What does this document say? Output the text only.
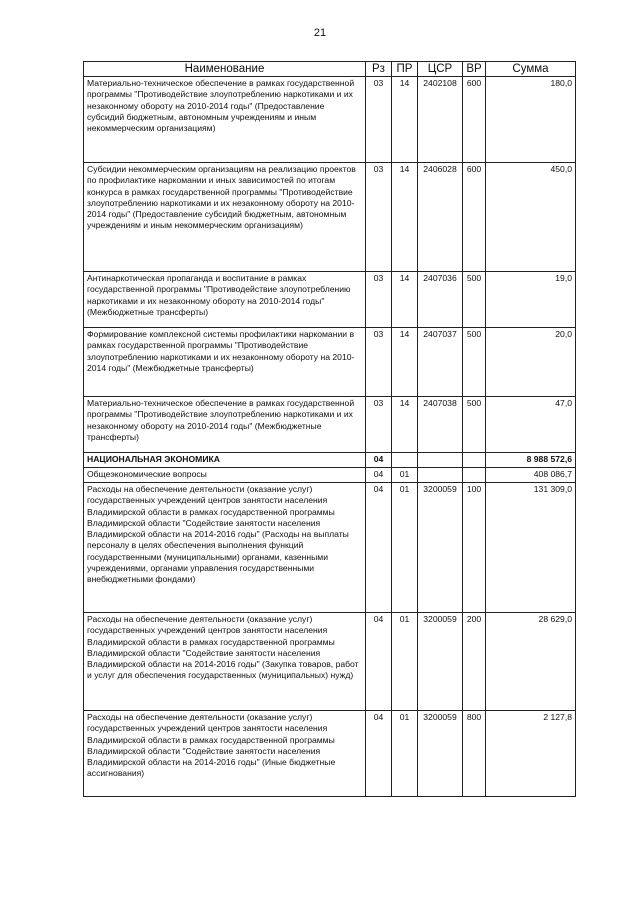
21
Наименование	Рз	ПР	ЦСР	ВР	Сумма
Материально-техническое обеспечение в рамках государственной программы "Противодействие злоупотреблению наркотиками и их незаконному обороту на 2010-2014 годы" (Предоставление субсидий бюджетным, автономным учреждениям и иным некоммерческим организациям)	03	14	2402108	600	180,0
Субсидии некоммерческим организациям на реализацию проектов по профилактике наркомании и иных зависимостей по итогам конкурса в рамках государственной программы "Противодействие злоупотреблению наркотиками и их незаконному обороту на 2010-2014 годы" (Предоставление субсидий бюджетным, автономным учреждениям и иным некоммерческим организациям)	03	14	2406028	600	450,0
Антинаркотическая пропаганда и воспитание в рамках государственной программы "Противодействие злоупотреблению наркотиками и их незаконному обороту на 2010-2014 годы" (Межбюджетные трансферты)	03	14	2407036	500	19,0
Формирование комплексной системы профилактики наркомании в рамках государственной программы "Противодействие злоупотреблению наркотиками и их незаконному обороту на 2010-2014 годы" (Межбюджетные трансферты)	03	14	2407037	500	20,0
Материально-техническое обеспечение в рамках государственной программы "Противодействие злоупотреблению наркотиками и их незаконному обороту на 2010-2014 годы" (Межбюджетные трансферты)	03	14	2407038	500	47,0
НАЦИОНАЛЬНАЯ ЭКОНОМИКА	04				8 988 572,6
Общеэкономические вопросы	04	01			408 086,7
Расходы на обеспечение деятельности (оказание услуг) государственных учреждений центров занятости населения Владимирской области в рамках государственной программы Владимирской области "Содействие занятости населения Владимирской области на 2014-2016 годы" (Расходы на выплаты персоналу в целях обеспечения выполнения функций государственными (муниципальными) органами, казенными учреждениями, органами управления государственными внебюджетными фондами)	04	01	3200059	100	131 309,0
Расходы на обеспечение деятельности (оказание услуг) государственных учреждений центров занятости населения Владимирской области в рамках государственной программы Владимирской области "Содействие занятости населения Владимирской области на 2014-2016 годы" (Закупка товаров, работ и услуг для обеспечения государственных (муниципальных) нужд)	04	01	3200059	200	28 629,0
Расходы на обеспечение деятельности (оказание услуг) государственных учреждений центров занятости населения Владимирской области в рамках государственной программы Владимирской области "Содействие занятости населения Владимирской области на 2014-2016 годы" (Иные бюджетные ассигнования)	04	01	3200059	800	2 127,8
